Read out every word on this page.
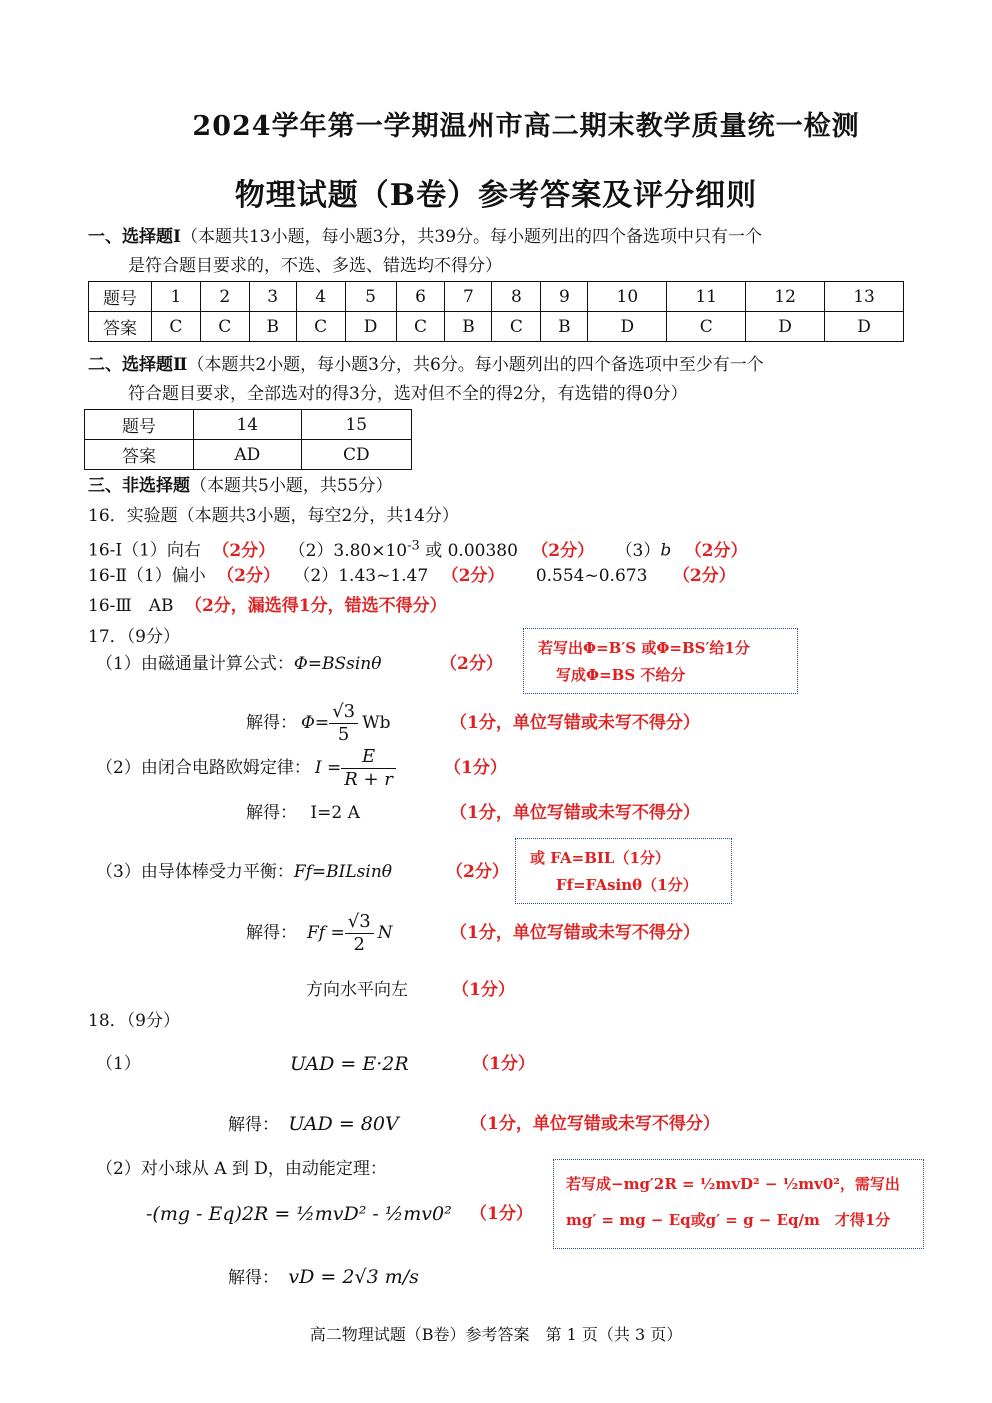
2024学年第一学期温州市高二期末教学质量统一检测
物理试题（B卷）参考答案及评分细则
一、选择题Ⅰ（本题共13小题，每小题3分，共39分。每小题列出的四个备选项中只有一个
是符合题目要求的，不选、多选、错选均不得分）
题号	1	2	3	4	5	6	7	8	9	10	11	12	13
答案	C	C	B	C	D	C	B	C	B	D	C	D	D
二、选择题Ⅱ（本题共2小题，每小题3分，共6分。每小题列出的四个备选项中至少有一个
符合题目要求，全部选对的得3分，选对但不全的得2分，有选错的得0分）
题号	14	15
答案	AD	CD
三、非选择题（本题共5小题，共55分）
16．实验题（本题共3小题，每空2分，共14分）
16-Ⅰ（1）向右 （2分） $(2)3.80\times 10^{-3}$ 或 0.00380 （2分） （3）b （2分）
16-Ⅱ（1）偏小 （2分） （2）1.43~1.47 （2分） 0.554~0.673 （2分）
16-Ⅲ　AB （2分，漏选得1分，错选不得分）
17．（9分）
（1）由磁通量计算公式：Φ=BSsinθ	（2分）
若写出Φ=B′S 或Φ=BS′给1分
写成Φ=BS 不给分
解得： $\Phi= \frac{√3}{5}$ Wb	（1分，单位写错或未写不得分）
（2）由闭合电路欧姆定律： $I = \frac{E}{R + r}$	（1分）
解得： I=2 A	（1分，单位写错或未写不得分）
（3）由导体棒受力平衡：Ff=BILsinθ	（2分）
或 FA=BIL（1分）
Ff=FAsinθ（1分）
解得： $Ff = \frac{√3}{2}$ N	（1分，单位写错或未写不得分）
方向水平向左	（1分）
18．（9分）
（1）	UAD = E·2R	（1分）
解得： UAD = 80V	（1分，单位写错或未写不得分）
（2）对小球从 A 到 D，由动能定理：
-(mg - Eq)2R = ½mvD² - ½mv0² （1分）
若写成−mg′2R = ½mvD² − ½mv0²，需写出
mg′ = mg − Eq或g′ = g − Eq/m　才得1分
解得： vD = 2√3 m/s
高二物理试题（B卷）参考答案　第 1 页（共 3 页）
